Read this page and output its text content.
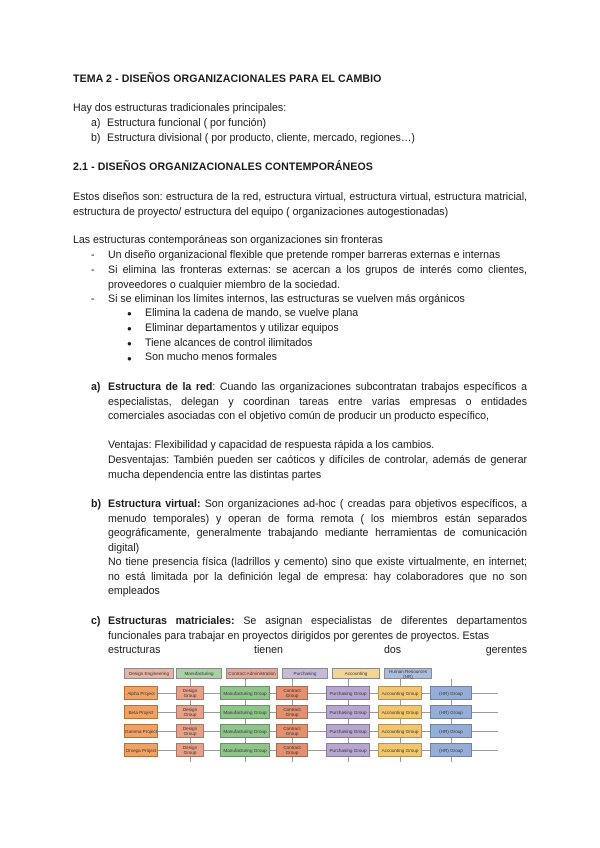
TEMA 2 - DISEÑOS ORGANIZACIONALES PARA EL CAMBIO

Hay dos estructuras tradicionales principales:

a) Estructura funcional ( por función)
b) Estructura divisional ( por producto, cliente, mercado, regiones…)

2.1 - DISEÑOS ORGANIZACIONALES CONTEMPORÁNEOS

Estos diseños son: estructura de la red, estructura virtual, estructura virtual, estructura matricial, estructura de proyecto/ estructura del equipo ( organizaciones autogestionadas)

Las estructuras contemporáneas son organizaciones sin fronteras

- Un diseño organizacional flexible que pretende romper barreras externas e internas

- Si elimina las fronteras externas: se acercan a los grupos de interés como clientes, proveedores o cualquier miembro de la sociedad.

- Si se eliminan los límites internos, las estructuras se vuelven más orgánicos

● Elimina la cadena de mando, se vuelve plana

● Eliminar departamentos y utilizar equipos

● Tiene alcances de control ilimitados

● Son mucho menos formales

a) Estructura de la red: Cuando las organizaciones subcontratan trabajos específicos a especialistas, delegan y coordinan tareas entre varias empresas o entidades comerciales asociadas con el objetivo común de producir un producto específico,

Ventajas: Flexibilidad y capacidad de respuesta rápida a los cambios.

Desventajas: También pueden ser caóticos y difíciles de controlar, además de generar mucha dependencia entre las distintas partes

b) Estructura virtual: Son organizaciones ad-hoc ( creadas para objetivos específicos, a menudo temporales) y operan de forma remota ( los miembros están separados geográficamente, generalmente trabajando mediante herramientas de comunicación digital)

No tiene presencia física (ladrillos y cemento) sino que existe virtualmente, en internet; no está limitada por la definición legal de empresa: hay colaboradores que no son empleados

c) Estructuras matriciales: Se asignan especialistas de diferentes departamentos funcionales para trabajar en proyectos dirigidos por gerentes de proyectos. Estas

estructuras	tienen	dos	gerentes
Design Engineering	Manufacturing	Contract Administration	Purchasing	Accounting	Human Resources (HR)
Alpha Project	Design Group	Manufacturing Group	Contract Group	Purchasing Group	Accounting Group	(HR) Group
Beta Project	Design Group	Manufacturing Group	Contract Group	Purchasing Group	Accounting Group	(HR) Group
Gamma Project	Design Group	Manufacturing Group	Contract Group	Purchasing Group	Accounting Group	(HR) Group
Omega Project	Design Group	Manufacturing Group	Contract Group	Purchasing Group	Accounting Group	(HR) Group
